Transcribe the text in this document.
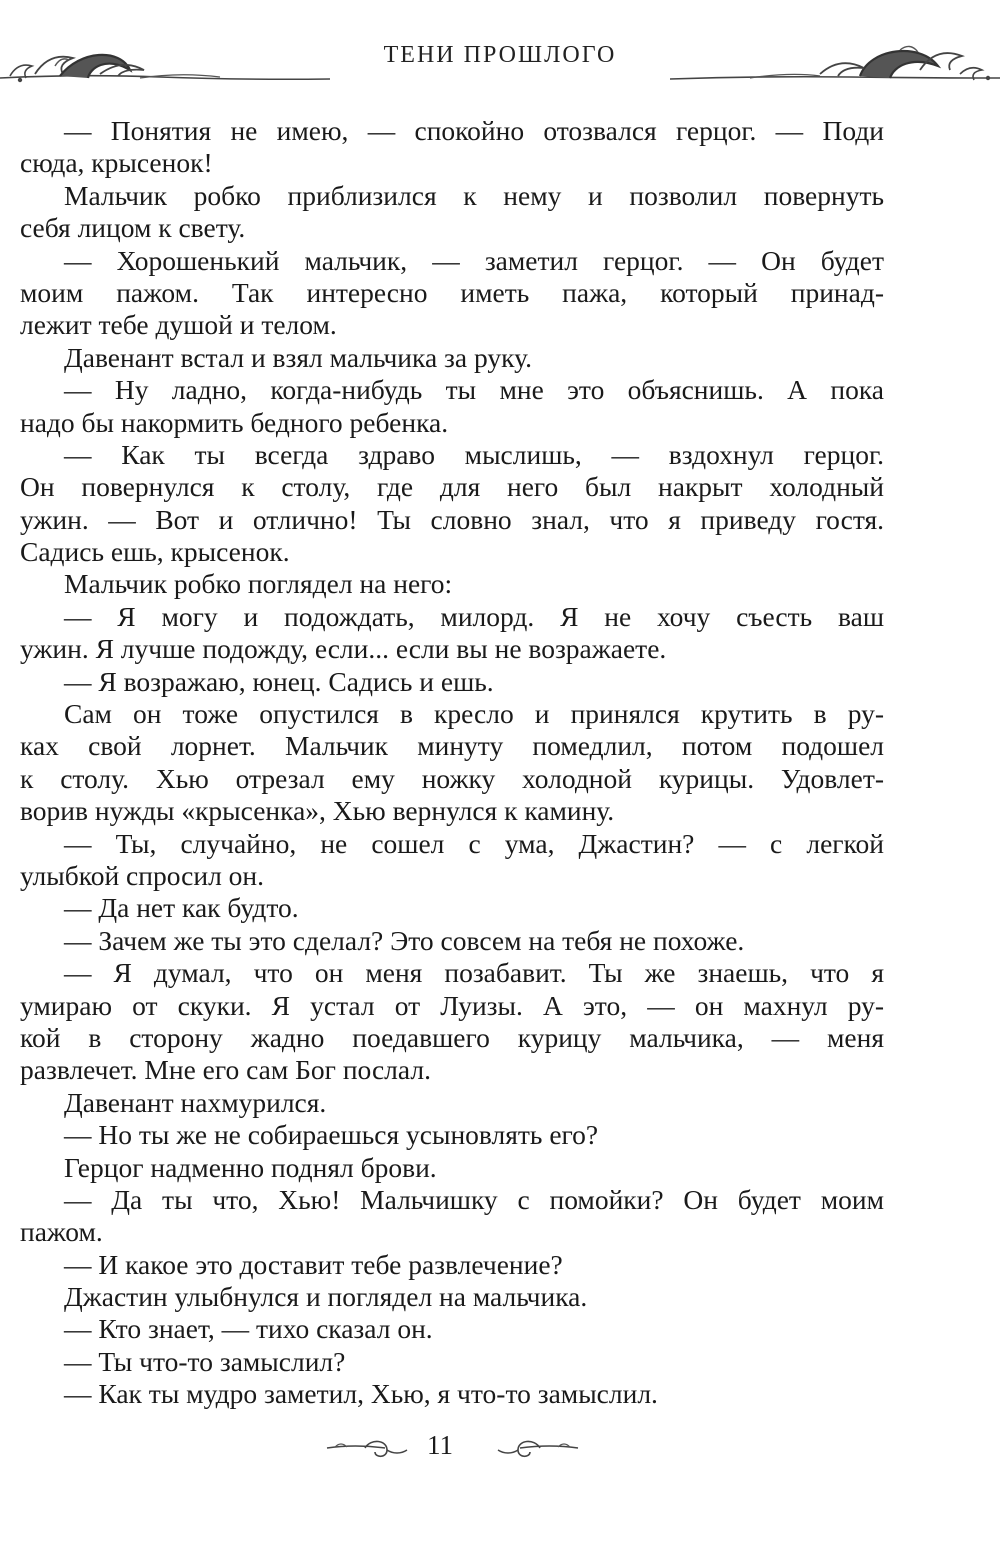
ТЕНИ ПРОШЛОГО
— Понятия не имею, — спокойно отозвался герцог. — Поди
сюда, крысенок!
Мальчик робко приблизился к нему и позволил повернуть
себя лицом к свету.
— Хорошенький мальчик, — заметил герцог. — Он будет
моим пажом. Так интересно иметь пажа, который принад-
лежит тебе душой и телом.
Давенант встал и взял мальчика за руку.
— Ну ладно, когда-нибудь ты мне это объяснишь. А пока
надо бы накормить бедного ребенка.
— Как ты всегда здраво мыслишь, — вздохнул герцог.
Он повернулся к столу, где для него был накрыт холодный
ужин. — Вот и отлично! Ты словно знал, что я приведу гостя.
Садись ешь, крысенок.
Мальчик робко поглядел на него:
— Я могу и подождать, милорд. Я не хочу съесть ваш
ужин. Я лучше подожду, если... если вы не возражаете.
— Я возражаю, юнец. Садись и ешь.
Сам он тоже опустился в кресло и принялся крутить в ру-
ках свой лорнет. Мальчик минуту помедлил, потом подошел
к столу. Хью отрезал ему ножку холодной курицы. Удовлет-
ворив нужды «крысенка», Хью вернулся к камину.
— Ты, случайно, не сошел с ума, Джастин? — с легкой
улыбкой спросил он.
— Да нет как будто.
— Зачем же ты это сделал? Это совсем на тебя не похоже.
— Я думал, что он меня позабавит. Ты же знаешь, что я
умираю от скуки. Я устал от Луизы. А это, — он махнул ру-
кой в сторону жадно поедавшего курицу мальчика, — меня
развлечет. Мне его сам Бог послал.
Давенант нахмурился.
— Но ты же не собираешься усыновлять его?
Герцог надменно поднял брови.
— Да ты что, Хью! Мальчишку с помойки? Он будет моим
пажом.
— И какое это доставит тебе развлечение?
Джастин улыбнулся и поглядел на мальчика.
— Кто знает, — тихо сказал он.
— Ты что-то замыслил?
— Как ты мудро заметил, Хью, я что-то замыслил.
11
